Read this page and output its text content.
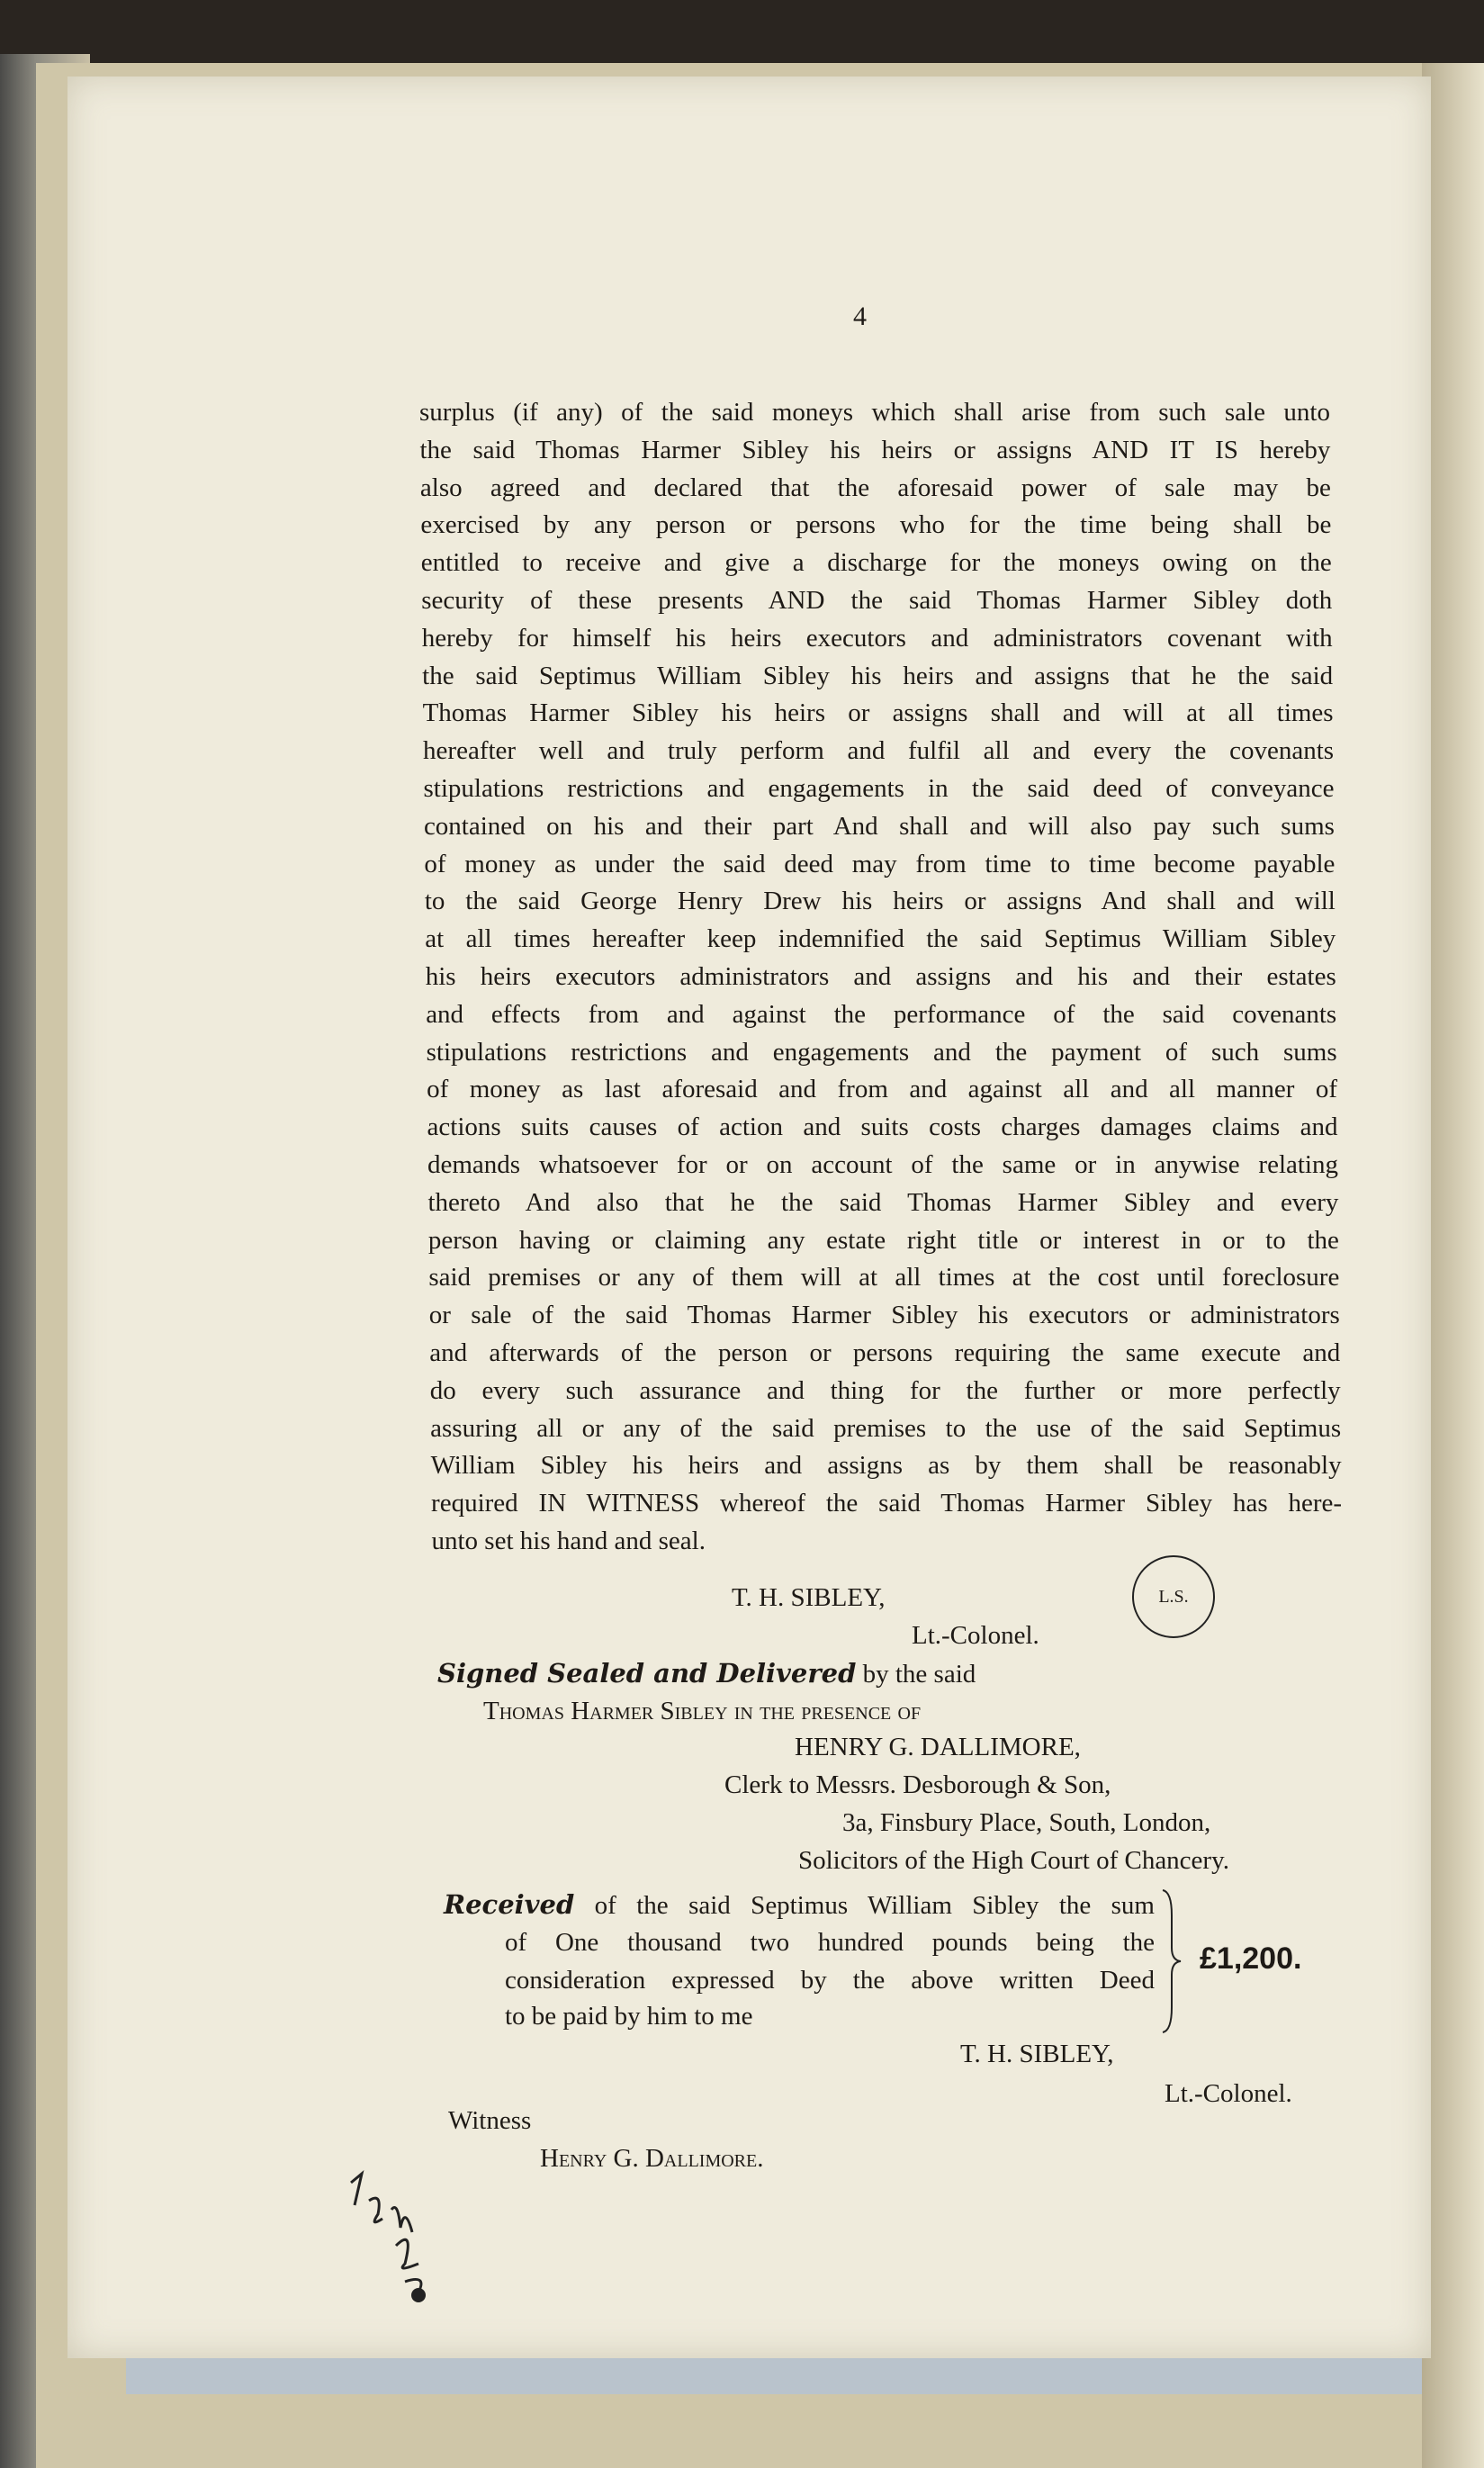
4
surplus (if any) of the said moneys which shall arise from such sale unto
the said Thomas Harmer Sibley his heirs or assigns AND IT IS hereby
also agreed and declared that the aforesaid power of sale may be
exercised by any person or persons who for the time being shall be
entitled to receive and give a discharge for the moneys owing on the
security of these presents AND the said Thomas Harmer Sibley doth
hereby for himself his heirs executors and administrators covenant with
the said Septimus William Sibley his heirs and assigns that he the said
Thomas Harmer Sibley his heirs or assigns shall and will at all times
hereafter well and truly perform and fulfil all and every the covenants
stipulations restrictions and engagements in the said deed of conveyance
contained on his and their part And shall and will also pay such sums
of money as under the said deed may from time to time become payable
to the said George Henry Drew his heirs or assigns And shall and will
at all times hereafter keep indemnified the said Septimus William Sibley
his heirs executors administrators and assigns and his and their estates
and effects from and against the performance of the said covenants
stipulations restrictions and engagements and the payment of such sums
of money as last aforesaid and from and against all and all manner of
actions suits causes of action and suits costs charges damages claims and
demands whatsoever for or on account of the same or in anywise relating
thereto And also that he the said Thomas Harmer Sibley and every
person having or claiming any estate right title or interest in or to the
said premises or any of them will at all times at the cost until foreclosure
or sale of the said Thomas Harmer Sibley his executors or administrators
and afterwards of the person or persons requiring the same execute and
do every such assurance and thing for the further or more perfectly
assuring all or any of the said premises to the use of the said Septimus
William Sibley his heirs and assigns as by them shall be reasonably
required IN WITNESS whereof the said Thomas Harmer Sibley has here-
unto set his hand and seal.
T. H. SIBLEY,
Lt.-Colonel.
L.S.
Signed Sealed and Delivered by the said
Thomas Harmer Sibley in the presence of
HENRY G. DALLIMORE,
Clerk to Messrs. Desborough & Son,
3a, Finsbury Place, South, London,
Solicitors of the High Court of Chancery.
Received of the said Septimus William Sibley the sum
of One thousand two hundred pounds being the
consideration expressed by the above written Deed
to be paid by him to me
£1,200.
T. H. SIBLEY,
Lt.-Colonel.
Witness
Henry G. Dallimore.
